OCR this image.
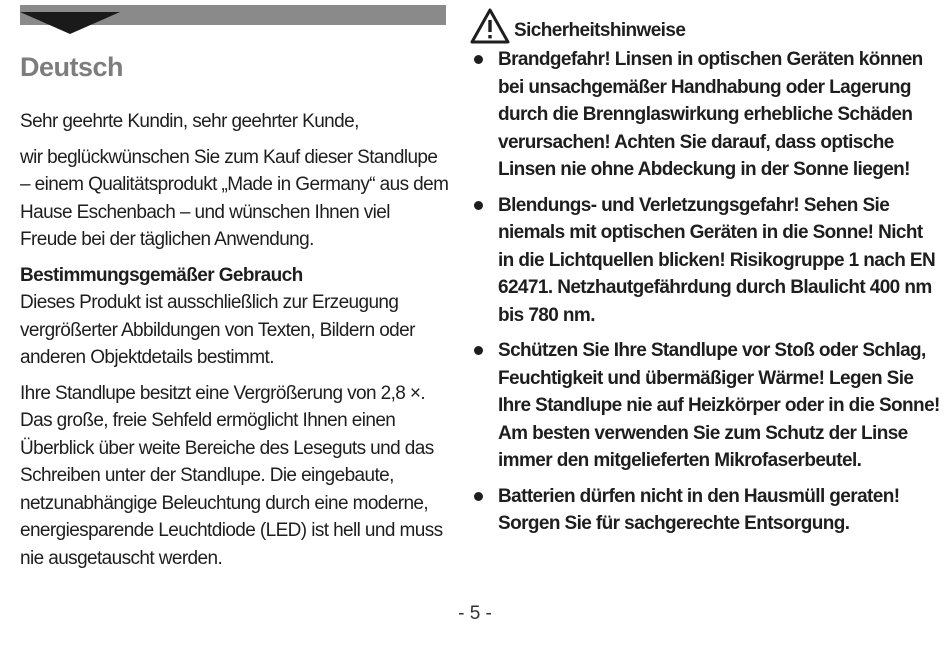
Deutsch

Sehr geehrte Kundin, sehr geehrter Kunde,

wir beglückwünschen Sie zum Kauf dieser Standlupe – einem Qualitätsprodukt „Made in Germany“ aus dem Hause Eschenbach – und wünschen Ihnen viel Freude bei der täglichen Anwendung.

Bestimmungsgemäßer Gebrauch

Dieses Produkt ist ausschließlich zur Erzeugung vergrößerter Abbildungen von Texten, Bildern oder anderen Objektdetails bestimmt.

Ihre Standlupe besitzt eine Vergrößerung von 2,8 ×. Das große, freie Sehfeld ermöglicht Ihnen einen Überblick über weite Bereiche des Leseguts und das Schreiben unter der Standlupe. Die eingebaute, netzunabhängige Beleuchtung durch eine moderne, energiesparende Leuchtdiode (LED) ist hell und muss nie ausgetauscht werden.

Sicherheitshinweise
Brandgefahr! Linsen in optischen Geräten können bei unsachgemäßer Handhabung oder Lagerung durch die Brennglaswirkung erhebliche Schäden verursachen! Achten Sie darauf, dass optische Linsen nie ohne Abdeckung in der Sonne liegen!
Blendungs- und Verletzungsgefahr! Sehen Sie niemals mit optischen Geräten in die Sonne! Nicht in die Lichtquellen blicken! Risikogruppe 1 nach EN 62471. Netzhautgefährdung durch Blaulicht 400 nm bis 780 nm.
Schützen Sie Ihre Standlupe vor Stoß oder Schlag, Feuchtigkeit und übermäßiger Wärme! Legen Sie Ihre Standlupe nie auf Heizkörper oder in die Sonne! Am besten verwenden Sie zum Schutz der Linse immer den mitgelieferten Mikrofaserbeutel.
Batterien dürfen nicht in den Hausmüll geraten! Sorgen Sie für sachgerechte Entsorgung.
- 5 -
